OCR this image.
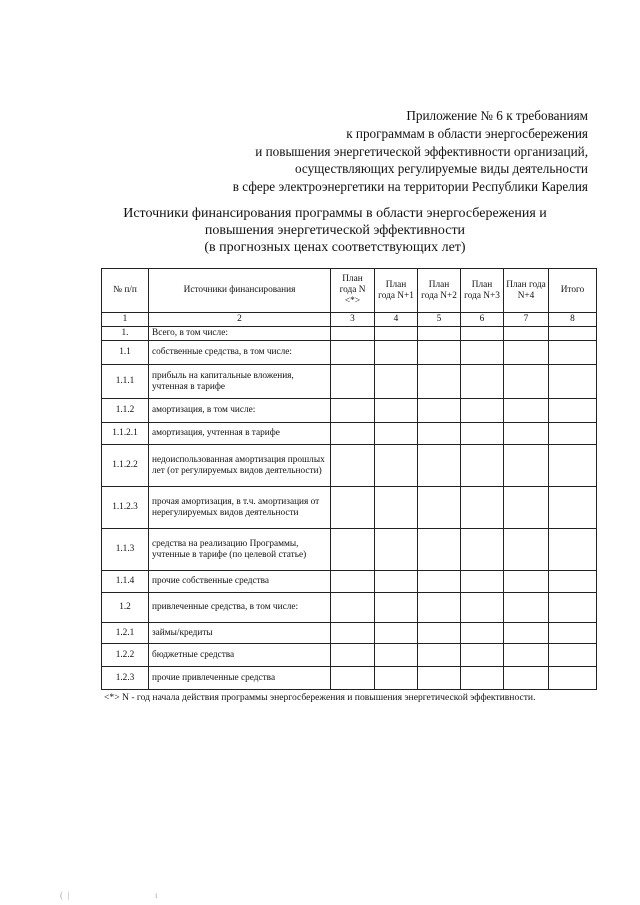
Приложение № 6 к требованиям
к программам в области энергосбережения
и повышения энергетической эффективности организаций,
осуществляющих регулируемые виды деятельности
в сфере электроэнергетики на территории Республики Карелия
Источники финансирования программы в области энергосбережения и
повышения энергетической эффективности
(в прогнозных ценах соответствующих лет)
№ п/п	Источники финансирования	План года N <*>	План года N+1	План года N+2	План года N+3	План года N+4	Итого
1	2	3	4	5	6	7	8
1.	Всего, в том числе:						
1.1	собственные средства, в том числе:						
1.1.1	прибыль на капитальные вложения, учтенная в тарифе						
1.1.2	амортизация, в том числе:						
1.1.2.1	амортизация, учтенная в тарифе						
1.1.2.2	недоиспользованная амортизация прошлых лет (от регулируемых видов деятельности)						
1.1.2.3	прочая амортизация, в т.ч. амортизация от нерегулируемых видов деятельности						
1.1.3	средства на реализацию Программы, учтенные в тарифе (по целевой статье)						
1.1.4	прочие собственные средства						
1.2	привлеченные средства, в том числе:						
1.2.1	займы/кредиты						
1.2.2	бюджетные средства						
1.2.3	прочие привлеченные средства						
<*> N - год начала действия программы энергосбережения и повышения энергетической эффективности.
(  |	ι
